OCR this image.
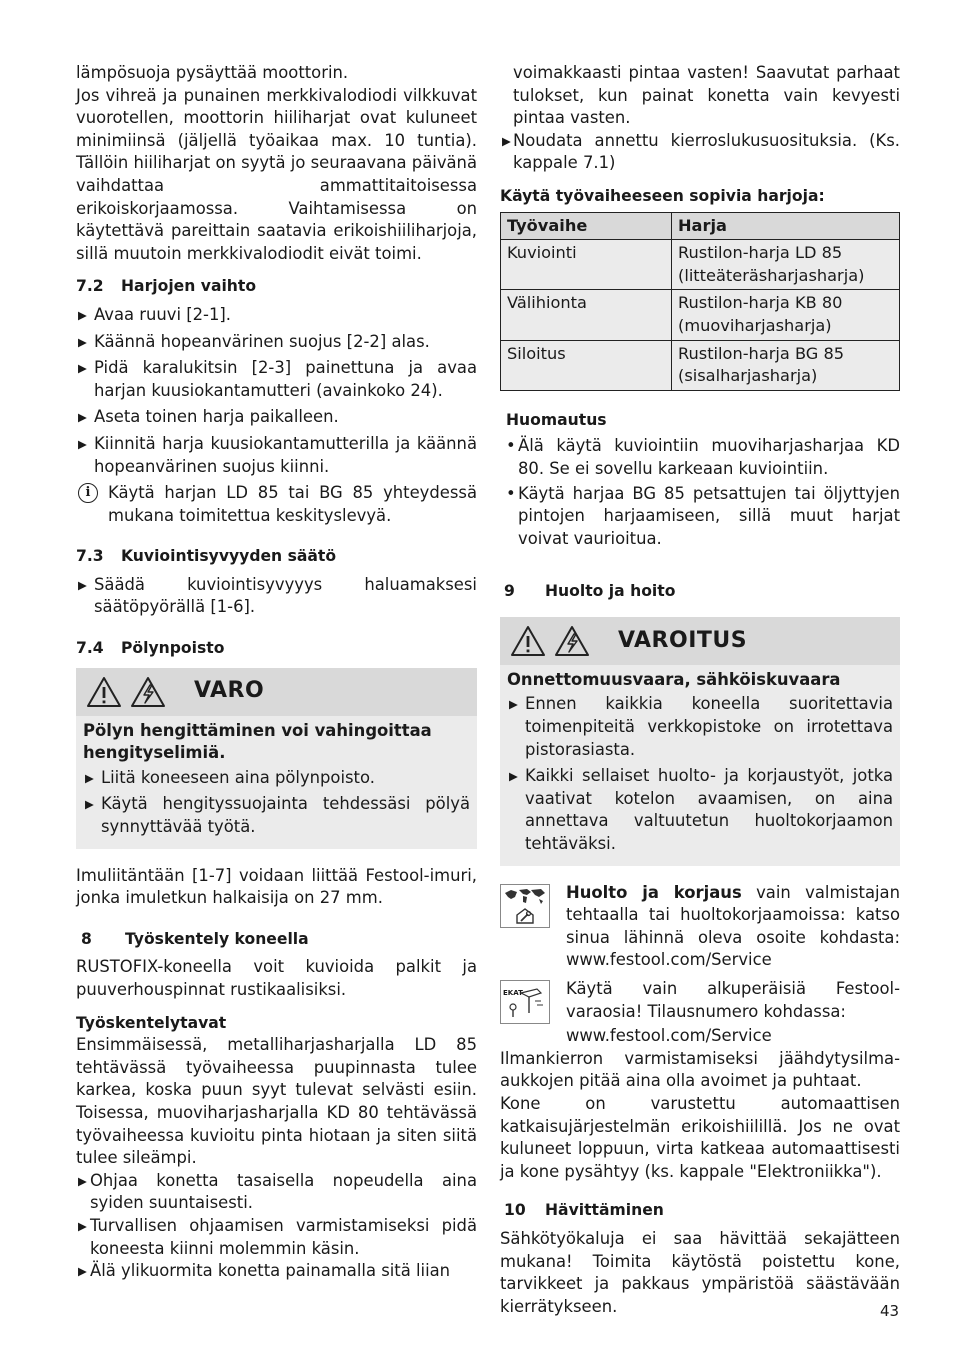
lämpösuoja pysäyttää moottorin.

Jos vihreä ja punainen merkkivalodiodi vilkkuvat vuorotellen, moottorin hiiliharjat ovat kuluneet minimiinsä (jäljellä työaikaa max. 10 tuntia). Tällöin hiiliharjat on syytä jo seuraavana päivänä vaihdattaa ammattitaitoisessa erikoiskorjaamossa. Vaihtamisessa on käytettävä pareittain saatavia erikoishiiliharjoja, sillä muutoin merkkivalodiodit eivät toimi.

7.2 Harjojen vaihto
▶ Avaa ruuvi [2-1].
▶ Käännä hopeanvärinen suojus [2-2] alas.
▶ Pidä karalukitsin [2-3] painettuna ja avaa harjan kuusiokantamutteri (avainkoko 24).
▶ Aseta toinen harja paikalleen.
▶ Kiinnitä harja kuusiokantamutterilla ja käännä hopeanvärinen suojus kiinni.
i	Käytä harjan LD 85 tai BG 85 yhteydessä mukana toimitettua keskityslevyä.
7.3 Kuviointisyvyyden säätö
▶ Säädä kuviointisyvyyys haluamaksesi säätöpyörällä [1-6].
7.4 Pölynpoisto
VARO

Pölyn hengittäminen voi vahingoittaa hengityselimiä.

▶ Liitä koneeseen aina pölynpoisto.
▶ Käytä hengityssuojainta tehdessäsi pölyä synnyttävää työtä.

Imuliitäntään [1-7] voidaan liittää Festool-imuri, jonka imuletkun halkaisija on 27 mm.

8 Työskentely koneella

RUSTOFIX-koneella voit kuvioida palkit ja puuverhouspinnat rustikaalisiksi.

Työskentelytavat

Ensimmäisessä, metalliharjasharjalla LD 85 tehtävässä työvaiheessa puupinnasta tulee karkea, koska puun syyt tulevat selvästi esiin. Toisessa, muoviharjasharjalla KD 80 tehtävässä työvaiheessa kuvioitu pinta hiotaan ja siten siitä tulee sileämpi.

▶ Ohjaa konetta tasaisella nopeudella aina syiden suuntaisesti.
▶ Turvallisen ohjaamisen varmistamiseksi pidä koneesta kiinni molemmin käsin.
▶ Älä ylikuormita konetta painamalla sitä liian

voimakkaasti pintaa vasten! Saavutat parhaat tulokset, kun painat konetta vain kevyesti pintaa vasten.

▶ Noudata annettu kierroslukusuosituksia. (Ks. kappale 7.1)
Käytä työvaiheeseen sopivia harjoja:
Työvaihe	Harja
Kuviointi	Rustilon-harja LD 85 (litteäteräsharjasharja)
Välihionta	Rustilon-harja KB 80 (muoviharjasharja)
Siloitus	Rustilon-harja BG 85 (sisalharjasharja)
Huomautus
• Älä käytä kuviointiin muoviharjasharjaa KD 80. Se ei sovellu karkeaan kuviointiin.
• Käytä harjaa BG 85 petsattujen tai öljyttyjen pintojen harjaamiseen, sillä muut harjat voivat vaurioitua.
9 Huolto ja hoito
VAROITUS

Onnettomuusvaara, sähköiskuvaara

▶ Ennen kaikkia koneella suoritettavia toimenpiteitä verkkopistoke on irrotettava pistorasiasta.
▶ Kaikki sellaiset huolto- ja korjaustyöt, jotka vaativat kotelon avaamisen, on aina annettava valtuutetun huoltokorjaamon tehtäväksi.
Huolto ja korjaus vain valmistajan tehtaalla tai huoltokorjaamoissa: katso sinua lähinnä oleva osoite kohdasta: www.festool.com/Service
EKAT	Käytä vain alkuperäisiä Festool- varaosia! Tilausnumero kohdassa:

www.festool.com/Service

Ilmankierron varmistamiseksi jäähdytysilma-aukkojen pitää aina olla avoimet ja puhtaat.

Kone on varustettu automaattisen katkaisujärjestelmän erikoishiilillä. Jos ne ovat kuluneet loppuun, virta katkeaa automaattisesti ja kone pysähtyy (ks. kappale "Elektroniikka").

10 Hävittäminen

Sähkötyökaluja ei saa hävittää sekajätteen mukana! Toimita käytöstä poistettu kone, tarvikkeet ja pakkaus ympäristöä säästävään kierrätykseen.	43
